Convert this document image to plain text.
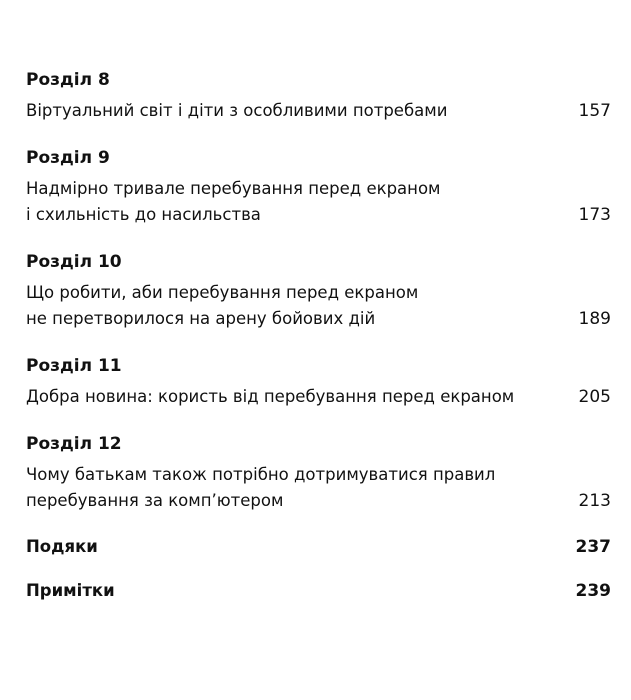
Розділ 8
Віртуальний світ і діти з особливими потребами	157
Розділ 9
Надмірно тривале перебування перед екраном
і схильність до насильства	173
Розділ 10
Що робити, аби перебування перед екраном
не перетворилося на арену бойових дій	189
Розділ 11
Добра новина: користь від перебування перед екраном	205
Розділ 12
Чому батькам також потрібно дотримуватися правил
перебування за комп’ютером	213
Подяки	237
Примітки	239
